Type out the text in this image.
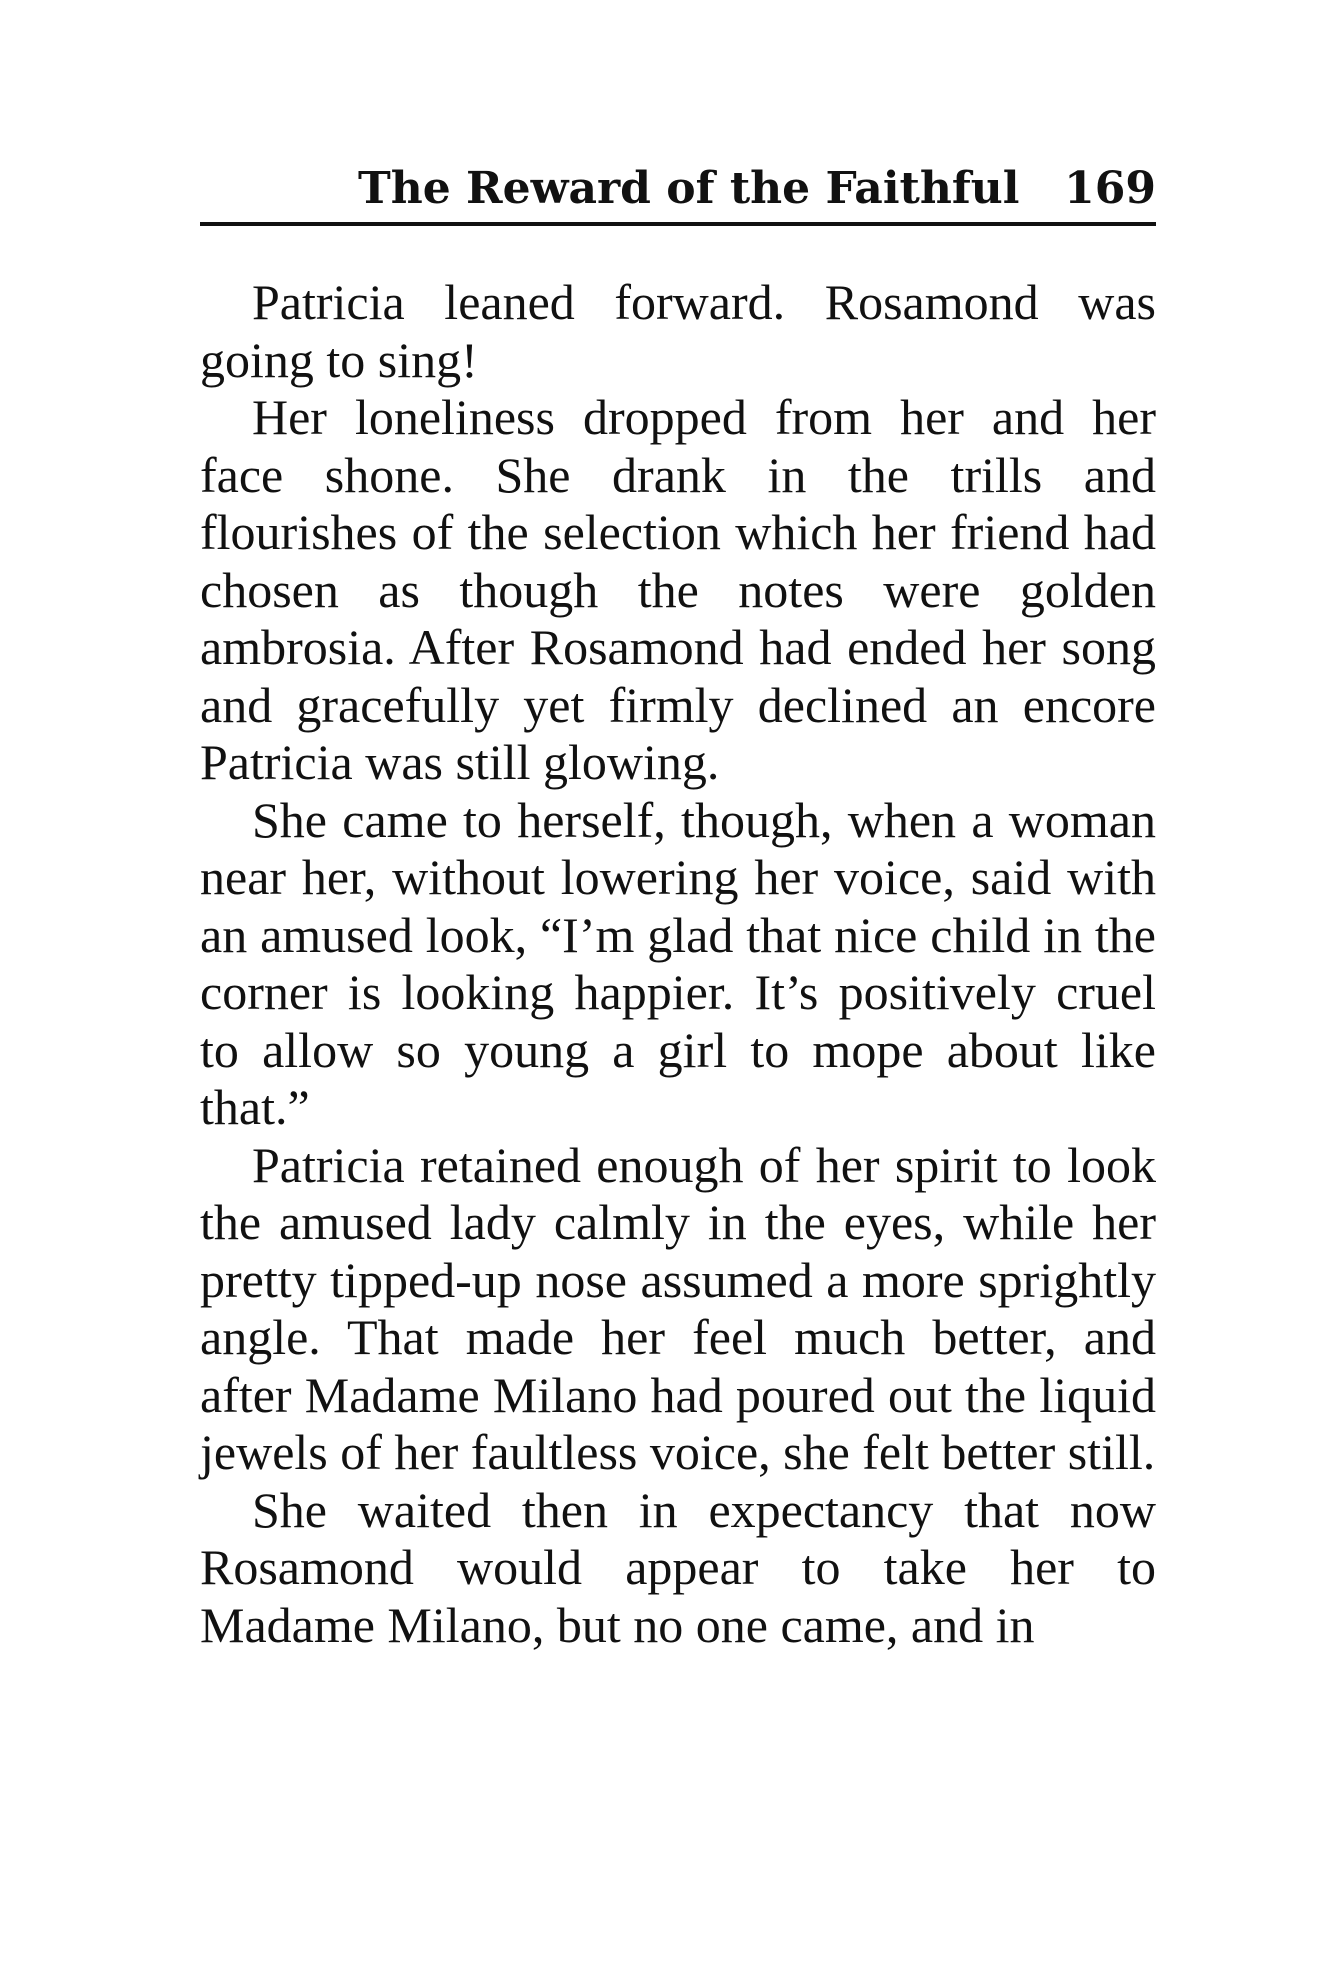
The Reward of the Faithful 169

Patricia leaned forward. Rosamond was going to sing!

Her loneliness dropped from her and her face shone. She drank in the trills and flourishes of the selection which her friend had chosen as though the notes were golden ambrosia. After Rosamond had ended her song and gracefully yet firmly declined an encore Patricia was still glowing.

She came to herself, though, when a woman near her, without lowering her voice, said with an amused look, “I’m glad that nice child in the corner is looking happier. It’s positively cruel to allow so young a girl to mope about like that.”

Patricia retained enough of her spirit to look the amused lady calmly in the eyes, while her pretty tipped-up nose assumed a more sprightly angle. That made her feel much better, and after Madame Milano had poured out the liquid jewels of her faultless voice, she felt better still.

She waited then in expectancy that now Rosamond would appear to take her to Madame Milano, but no one came, and in
